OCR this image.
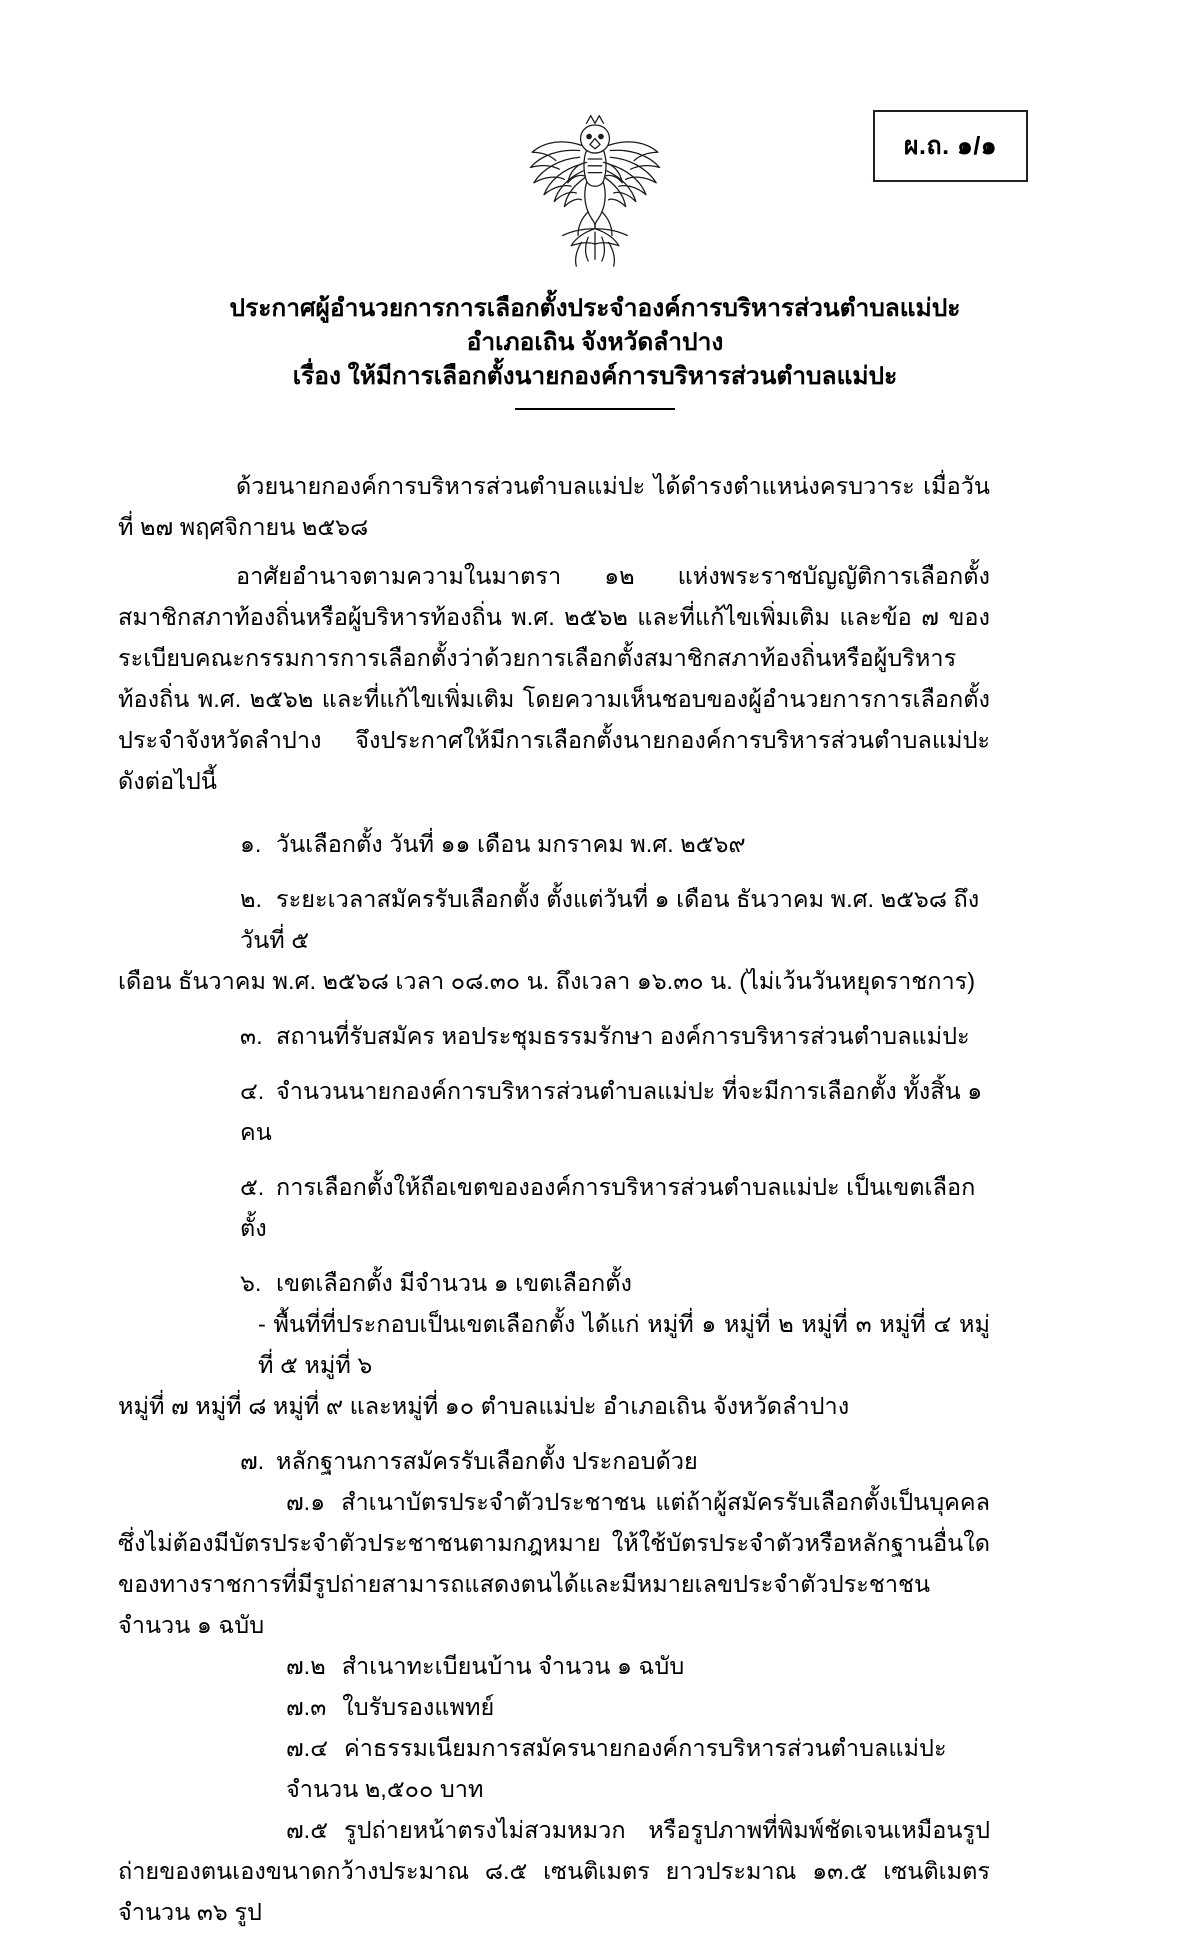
ผ.ถ. ๑/๑
ประกาศผู้อำนวยการการเลือกตั้งประจำองค์การบริหารส่วนตำบลแม่ปะ
อำเภอเถิน จังหวัดลำปาง
เรื่อง ให้มีการเลือกตั้งนายกองค์การบริหารส่วนตำบลแม่ปะ

ด้วยนายกองค์การบริหารส่วนตำบลแม่ปะ ได้ดำรงตำแหน่งครบวาระ เมื่อวันที่ ๒๗ พฤศจิกายน ๒๕๖๘

อาศัยอำนาจตามความในมาตรา ๑๒ แห่งพระราชบัญญัติการเลือกตั้งสมาชิกสภาท้องถิ่นหรือผู้บริหารท้องถิ่น พ.ศ. ๒๕๖๒ และที่แก้ไขเพิ่มเติม และข้อ ๗ ของระเบียบคณะกรรมการการเลือกตั้งว่าด้วยการเลือกตั้งสมาชิกสภาท้องถิ่นหรือผู้บริหารท้องถิ่น พ.ศ. ๒๕๖๒ และที่แก้ไขเพิ่มเติม โดยความเห็นชอบของผู้อำนวยการการเลือกตั้งประจำจังหวัดลำปาง จึงประกาศให้มีการเลือกตั้งนายกองค์การบริหารส่วนตำบลแม่ปะ ดังต่อไปนี้

๑. วันเลือกตั้ง วันที่ ๑๑ เดือน มกราคม พ.ศ. ๒๕๖๙

๒. ระยะเวลาสมัครรับเลือกตั้ง ตั้งแต่วันที่ ๑ เดือน ธันวาคม พ.ศ. ๒๕๖๘ ถึงวันที่ ๕

เดือน ธันวาคม พ.ศ. ๒๕๖๘ เวลา ๐๘.๓๐ น. ถึงเวลา ๑๖.๓๐ น. (ไม่เว้นวันหยุดราชการ)

๓. สถานที่รับสมัคร หอประชุมธรรมรักษา องค์การบริหารส่วนตำบลแม่ปะ

๔. จำนวนนายกองค์การบริหารส่วนตำบลแม่ปะ ที่จะมีการเลือกตั้ง ทั้งสิ้น ๑ คน

๕. การเลือกตั้งให้ถือเขตขององค์การบริหารส่วนตำบลแม่ปะ เป็นเขตเลือกตั้ง

๖. เขตเลือกตั้ง มีจำนวน ๑ เขตเลือกตั้ง

- พื้นที่ที่ประกอบเป็นเขตเลือกตั้ง ได้แก่ หมู่ที่ ๑ หมู่ที่ ๒ หมู่ที่ ๓ หมู่ที่ ๔ หมู่ที่ ๕ หมู่ที่ ๖

หมู่ที่ ๗ หมู่ที่ ๘ หมู่ที่ ๙ และหมู่ที่ ๑๐ ตำบลแม่ปะ อำเภอเถิน จังหวัดลำปาง

๗. หลักฐานการสมัครรับเลือกตั้ง ประกอบด้วย

๗.๑ สำเนาบัตรประจำตัวประชาชน แต่ถ้าผู้สมัครรับเลือกตั้งเป็นบุคคลซึ่งไม่ต้องมีบัตรประจำตัวประชาชนตามกฎหมาย ให้ใช้บัตรประจำตัวหรือหลักฐานอื่นใดของทางราชการที่มีรูปถ่ายสามารถแสดงตนได้และมีหมายเลขประจำตัวประชาชน จำนวน ๑ ฉบับ

๗.๒ สำเนาทะเบียนบ้าน จำนวน ๑ ฉบับ

๗.๓ ใบรับรองแพทย์

๗.๔ ค่าธรรมเนียมการสมัครนายกองค์การบริหารส่วนตำบลแม่ปะ จำนวน ๒,๕๐๐ บาท

๗.๕ รูปถ่ายหน้าตรงไม่สวมหมวก หรือรูปภาพที่พิมพ์ชัดเจนเหมือนรูปถ่ายของตนเองขนาดกว้างประมาณ ๘.๕ เซนติเมตร ยาวประมาณ ๑๓.๕ เซนติเมตร จำนวน ๓๖ รูป
